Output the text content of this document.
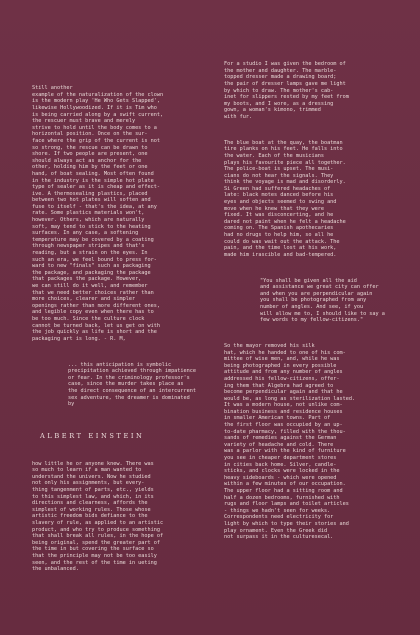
Still another
example of the naturalization of the clown
is the modern play 'He Who Gets Slapped',
likewise Hollywoodized. If it is Tim who
is being carried along by a swift current,
the rescuer must brave and merely
strive to hold until the body comes to a
horizontal position. Once on the sur-
face where the grip of the current is not
so strong, the rescue can be drawn to
shore. If two people are present, one
should always act as anchor for the
other, holding him by the feet or one
hand, of boat sealing. Most often found
in the industry is the simple hot plate
type of sealer as it is cheap and effect-
ive. A thermosealing plastics, placed
between two hot plates will soften and
fuse to itself - that's the idea, at any
rate. Some plastics materials won't,
however. Others, which are naturally
soft, may tend to stick to the heating
surfaces. In any case, a softening
temperature may be covered by a coating
through newspaper stripes and that's
reading, but a strain on the eyes. In
such an era, we feel bound to press for-
ward to new "finals" such as packaging
the package, and packaging the package
that packages the package. However,
we can still do it well, and remember
that we need better choices rather than
more choices, clearer and simpler
openings rather than more different ones,
and legible copy even when there has to
be too much. Since the culture clock
cannot be turned back, let us get on with
the job quickly as life is short and the
packaging art is long. - R. M,

... this anticipation is symbolic
precipitation achieved through impatience
or fear. In the criminology professor's
case, since the murder takes place as
the direct consequence of an intercurrent
sex adventure, the dreamer is dominated
by

ALBERT EINSTEIN

how little he or anyone knew. There was
so much to learn if a man wanted to
understand the univers. Now he studied
not only his assignments, but every-
thing tangenment of parts, etc., yields
to this simplest law, and which, in its
directions and clearness, affords the
simplest of working rules. Those whose
artistic freedom bids defiance to the
slavery of rule, as applied to an artistic
product, and who try to produce something
that shall break all rules, in the hope of
being original, spend the greater part of
the time in but covering the surface so
that the principle may not be too easily
seen, and the rest of the time in ueting
the unbalanced.

For a studio I was given the bedroom of
the mother and daughter. The marble-
topped dresser made a drawing board;
the pair of dresser lamps gave me light
by which to draw. The mother's cab-
inet for slippers rested by my feet from
my boots, and I wore, as a dressing
gown, a woman's kimono, trimmed
with fur.

The blue boat at the quay, the boatman
tire planks on his feet. He falls into
the water. Each of the musicians
plays his favourite piece all together.
The police-boat is upset. The musi-
cians do not hear the signals. They
think the voyage is mad and disorderly.
Si Green had suffered headaches of
late: black motes danced before his
eyes and objects seemed to swing and
move when he knew that they were
fixed. It was disconcerting, and he
dared not paint when he felt a headache
coming on. The Spanish apothecaries
had no drugs to help him, so all he
could do was wait out the attack. The
pain, and the time lost at his work,
made him irascible and bad-tempered.

"You shall be given all the aid
and assistance we great city can offer
and when you are perpendicular again
you shall be photographed from any
number of angles. And see, if you
will allow me to, I should like to say a
few words to my fellow-citizens."

So the mayor removed his silk
hat, which he handed to one of his com-
mittee of wise men, and, while he was
being photographed in every possible
attitude and from any number of angles
addressed his fellow-citizens, offer-
ing them that Algebra had agreed to
become perpendicular again and that he
would be, as long as sterilization lasted.
It was a modern house, not unlike com-
bination business and residence houses
in smaller American towns. Part of
the first floor was occupied by an up-
to-date pharmacy, filled with the thou-
sands of remedies against the German
variety of headache and cold. There
was a parlor with the kind of furniture
you see in cheaper department stores
in cities back home. Silver, candle-
sticks, and clocks were locked in the
heavy sideboards - which were opened
within a few minutes of our occupation.
The upper floor had a sitting room and
half a dozen bedrooms, furnished with
rugs and floor lamps and toilet articles
- things we hadn't seen for weeks.
Correspondents need electricity for
light by which to type their stories and
play ornament. Even the Greek did
not surpass it in the culturesecal.
